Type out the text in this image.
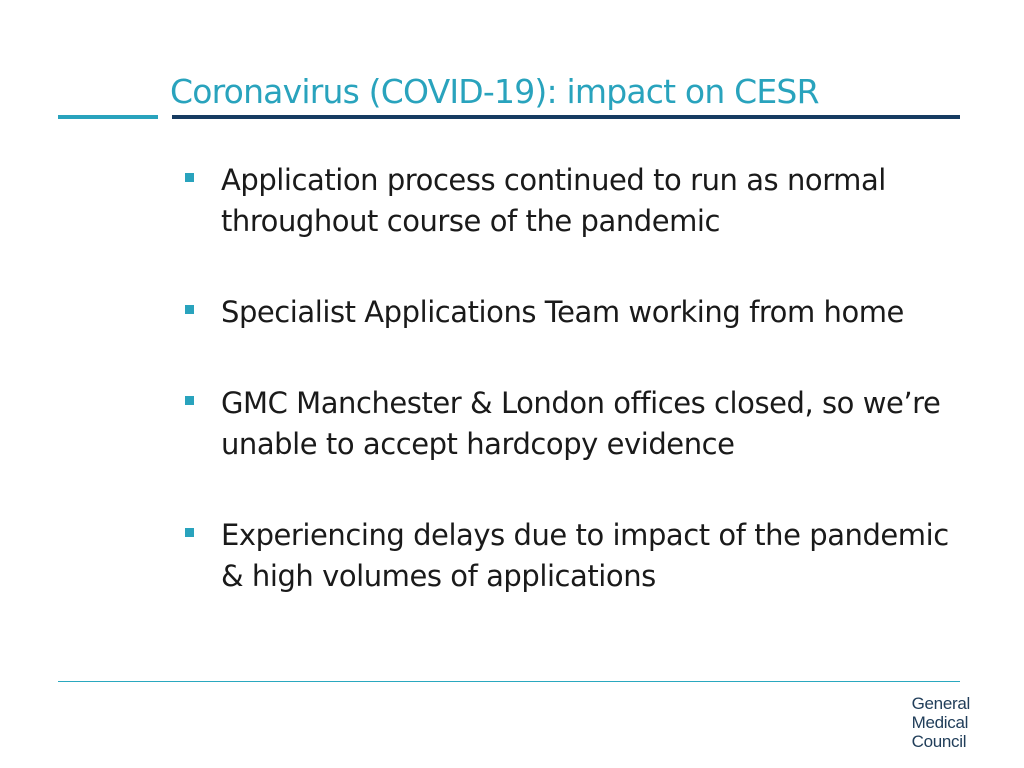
Coronavirus (COVID-19): impact on CESR
Application process continued to run as normal throughout course of the pandemic
Specialist Applications Team working from home
GMC Manchester & London offices closed, so we’re unable to accept hardcopy evidence
Experiencing delays due to impact of the pandemic & high volumes of applications
General
Medical
Council
